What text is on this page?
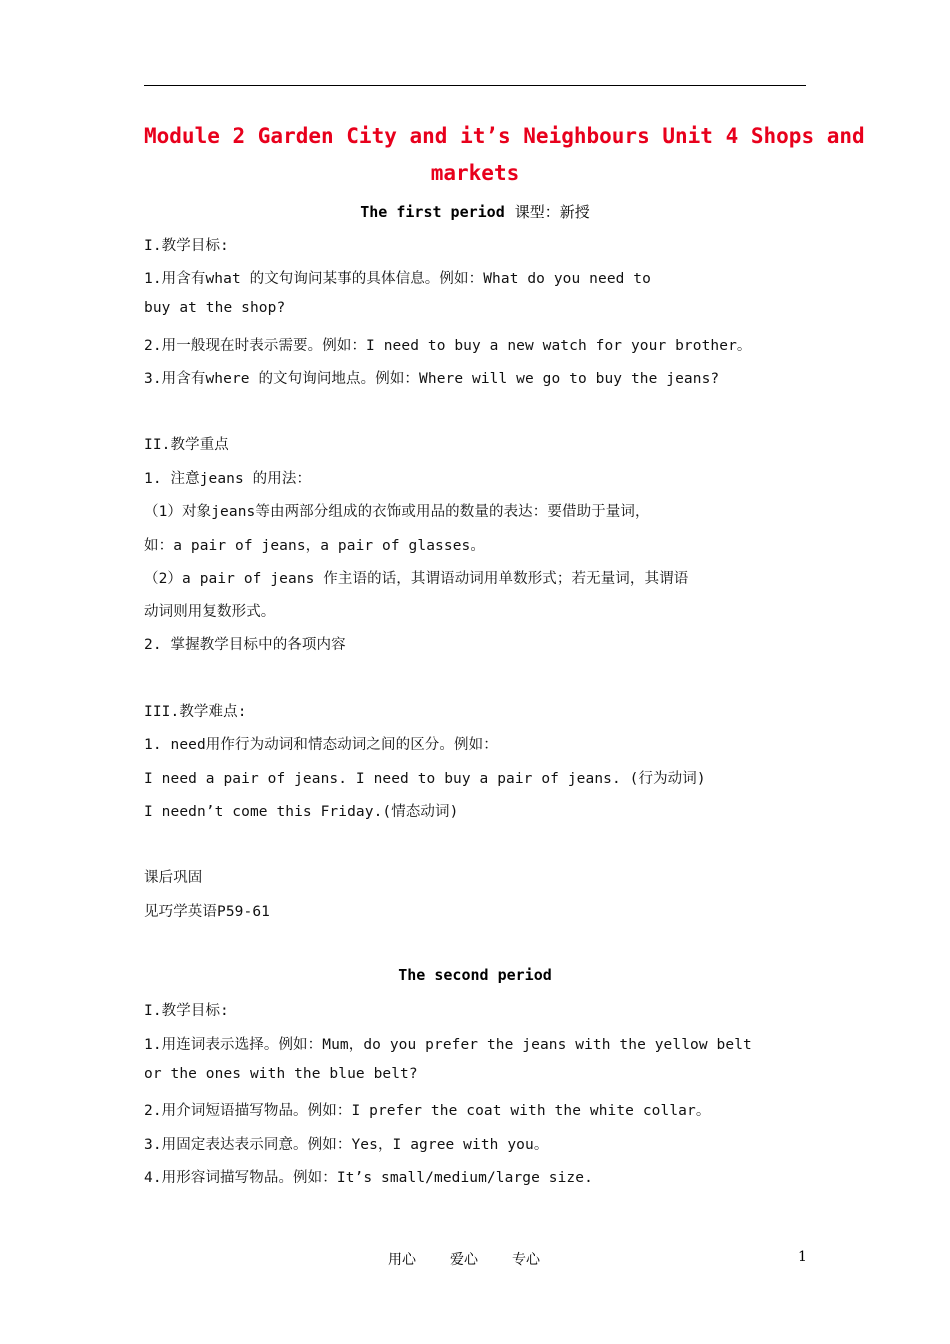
Module 2 Garden City and it’s Neighbours Unit 4 Shops and
markets
The first period 课型：新授
I.教学目标:
1.用含有what 的文句询问某事的具体信息。例如：What do you need to
buy at the shop?
2.用一般现在时表示需要。例如：I need to buy a new watch for your brother。
3.用含有where 的文句询问地点。例如：Where will we go to buy the jeans?
II.教学重点
1. 注意jeans 的用法：
（1）对象jeans等由两部分组成的衣饰或用品的数量的表达：要借助于量词，
如：a pair of jeans，a pair of glasses。
（2）a pair of jeans 作主语的话，其谓语动词用单数形式；若无量词，其谓语
动词则用复数形式。
2. 掌握教学目标中的各项内容
III.教学难点:
1. need用作行为动词和情态动词之间的区分。例如：
I need a pair of jeans. I need to buy a pair of jeans. (行为动词)
I needn’t come this Friday.(情态动词)
课后巩固
见巧学英语P59-61
The second period
I.教学目标:
1.用连词表示选择。例如：Mum，do you prefer the jeans with the yellow belt
or the ones with the blue belt?
2.用介词短语描写物品。例如：I prefer the coat with the white collar。
3.用固定表达表示同意。例如：Yes，I agree with you。
4.用形容词描写物品。例如：It’s small/medium/large size.
用心 爱心 专心	1
